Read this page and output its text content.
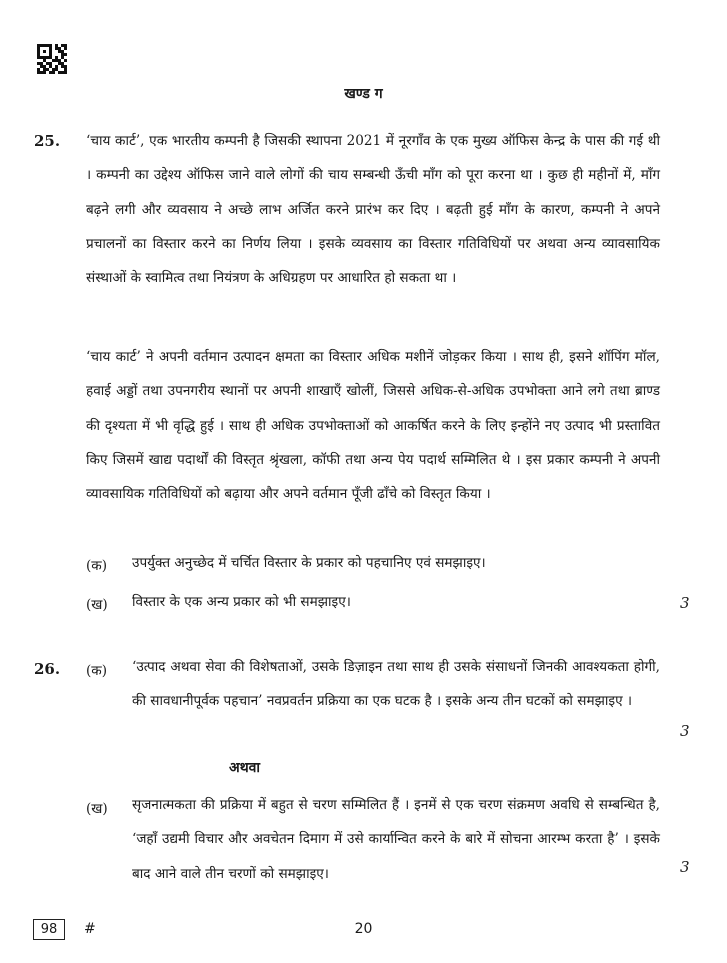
खण्ड ग
25. ‘चाय कार्ट’, एक भारतीय कम्पनी है जिसकी स्थापना 2021 में नूरगाँव के एक मुख्य ऑफिस केन्द्र के पास की गई थी । कम्पनी का उद्देश्य ऑफिस जाने वाले लोगों की चाय सम्बन्धी ऊँची माँग को पूरा करना था । कुछ ही महीनों में, माँग बढ़ने लगी और व्यवसाय ने अच्छे लाभ अर्जित करने प्रारंभ कर दिए । बढ़ती हुई माँग के कारण, कम्पनी ने अपने प्रचालनों का विस्तार करने का निर्णय लिया । इसके व्यवसाय का विस्तार गतिविधियों पर अथवा अन्य व्यावसायिक संस्थाओं के स्वामित्व तथा नियंत्रण के अधिग्रहण पर आधारित हो सकता था ।

‘चाय कार्ट’ ने अपनी वर्तमान उत्पादन क्षमता का विस्तार अधिक मशीनें जोड़कर किया । साथ ही, इसने शॉपिंग मॉल, हवाई अड्डों तथा उपनगरीय स्थानों पर अपनी शाखाएँ खोलीं, जिससे अधिक-से-अधिक उपभोक्ता आने लगे तथा ब्राण्ड की दृश्यता में भी वृद्धि हुई । साथ ही अधिक उपभोक्ताओं को आकर्षित करने के लिए इन्होंने नए उत्पाद भी प्रस्तावित किए जिसमें खाद्य पदार्थों की विस्तृत श्रृंखला, कॉफी तथा अन्य पेय पदार्थ सम्मिलित थे । इस प्रकार कम्पनी ने अपनी व्यावसायिक गतिविधियों को बढ़ाया और अपने वर्तमान पूँजी ढाँचे को विस्तृत किया ।

(क) उपर्युक्त अनुच्छेद में चर्चित विस्तार के प्रकार को पहचानिए एवं समझाइए।

(ख) विस्तार के एक अन्य प्रकार को भी समझाइए।	3
26. (क) ‘उत्पाद अथवा सेवा की विशेषताओं, उसके डिज़ाइन तथा साथ ही उसके संसाधनों जिनकी आवश्यकता होगी, की सावधानीपूर्वक पहचान’ नवप्रवर्तन प्रक्रिया का एक घटक है । इसके अन्य तीन घटकों को समझाइए ।

3
अथवा
(ख) सृजनात्मकता की प्रक्रिया में बहुत से चरण सम्मिलित हैं । इनमें से एक चरण संक्रमण अवधि से सम्बन्धित है, ‘जहाँ उद्यमी विचार और अवचेतन दिमाग में उसे कार्यान्वित करने के बारे में सोचना आरम्भ करता है’ । इसके बाद आने वाले तीन चरणों को समझाइए।	3
98	#	20
